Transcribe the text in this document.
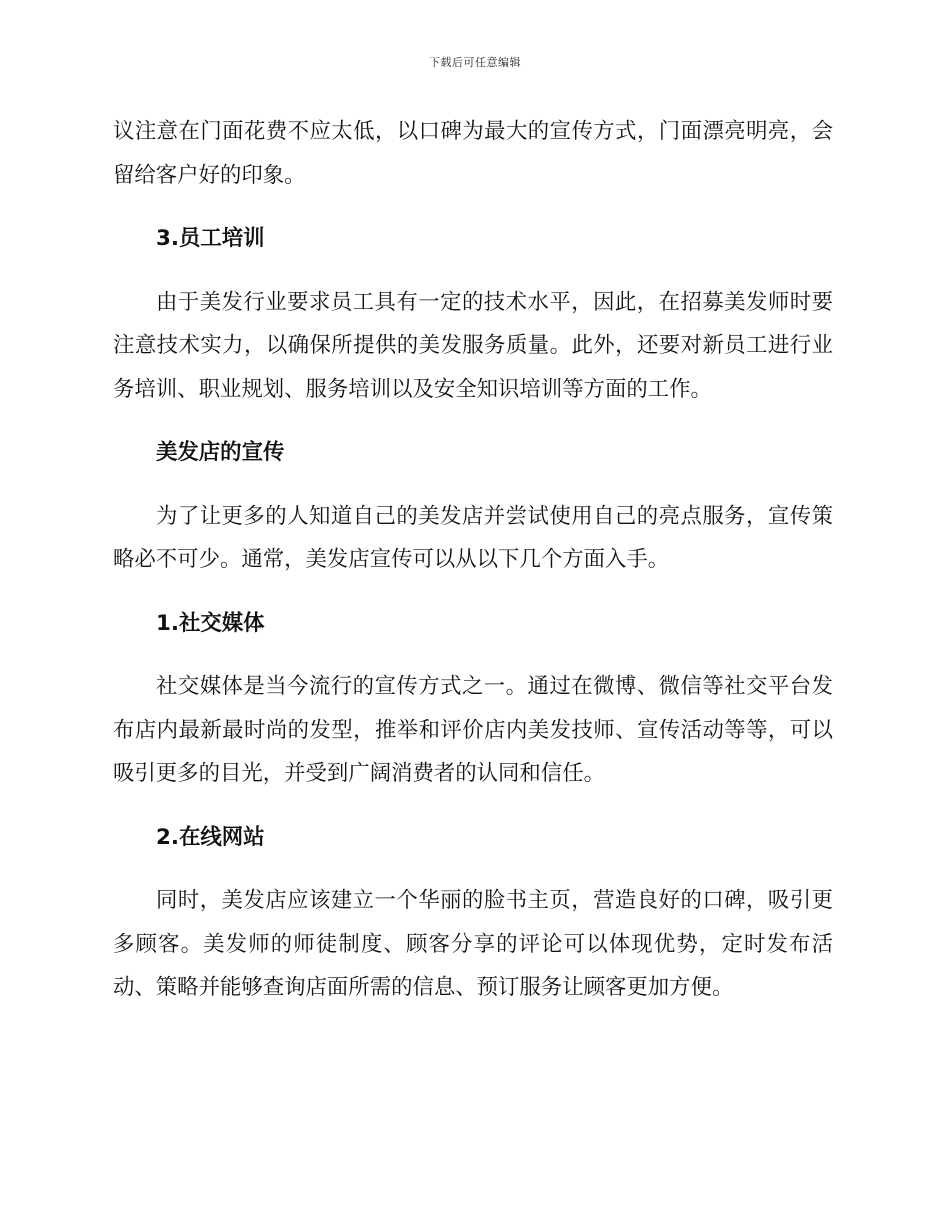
下载后可任意编辑

议注意在门面花费不应太低，以口碑为最大的宣传方式，门面漂亮明亮，会留给客户好的印象。

3.员工培训

由于美发行业要求员工具有一定的技术水平，因此，在招募美发师时要注意技术实力，以确保所提供的美发服务质量。此外，还要对新员工进行业务培训、职业规划、服务培训以及安全知识培训等方面的工作。

美发店的宣传

为了让更多的人知道自己的美发店并尝试使用自己的亮点服务，宣传策略必不可少。通常，美发店宣传可以从以下几个方面入手。

1.社交媒体

社交媒体是当今流行的宣传方式之一。通过在微博、微信等社交平台发布店内最新最时尚的发型，推举和评价店内美发技师、宣传活动等等，可以吸引更多的目光，并受到广阔消费者的认同和信任。

2.在线网站

同时，美发店应该建立一个华丽的脸书主页，营造良好的口碑，吸引更多顾客。美发师的师徒制度、顾客分享的评论可以体现优势，定时发布活动、策略并能够查询店面所需的信息、预订服务让顾客更加方便。
